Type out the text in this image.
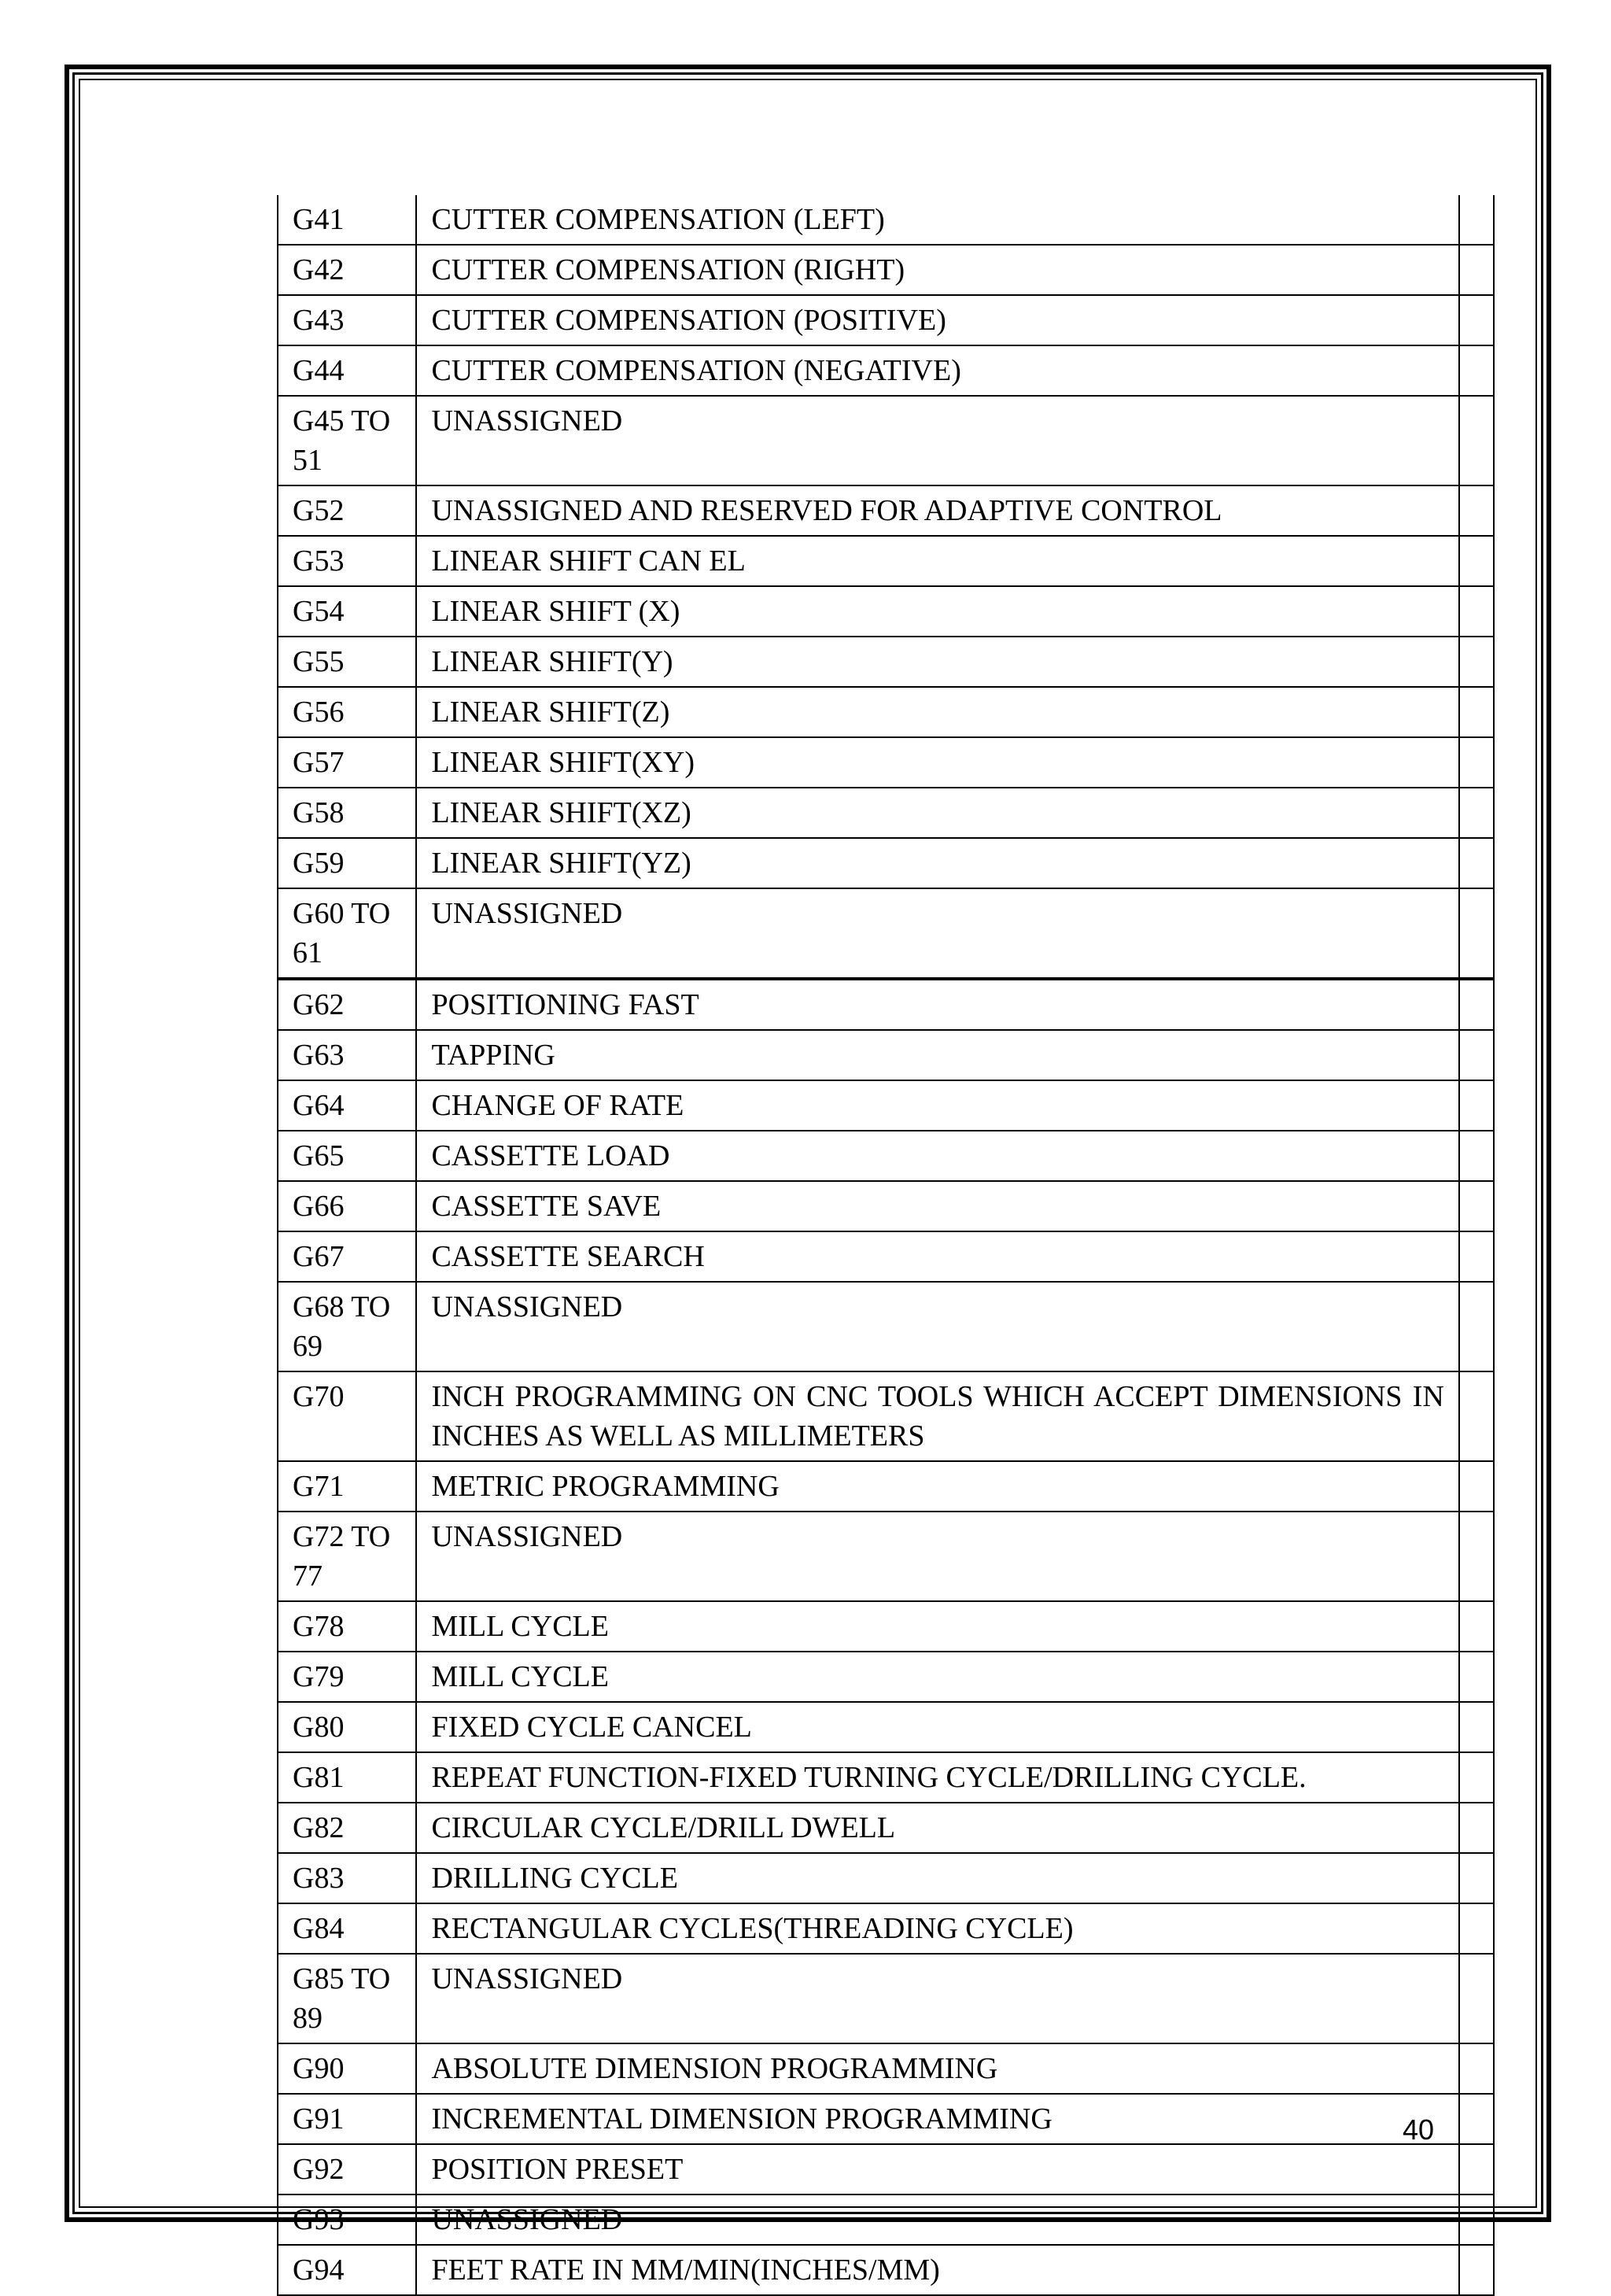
G41	CUTTER COMPENSATION (LEFT)	
G42	CUTTER COMPENSATION (RIGHT)	
G43	CUTTER COMPENSATION (POSITIVE)	
G44	CUTTER COMPENSATION (NEGATIVE)	
G45 TO 51	UNASSIGNED	
G52	UNASSIGNED AND RESERVED FOR ADAPTIVE CONTROL	
G53	LINEAR SHIFT CAN EL	
G54	LINEAR SHIFT (X)	
G55	LINEAR SHIFT(Y)	
G56	LINEAR SHIFT(Z)	
G57	LINEAR SHIFT(XY)	
G58	LINEAR SHIFT(XZ)	
G59	LINEAR SHIFT(YZ)	
G60 TO 61	UNASSIGNED	
G62	POSITIONING FAST	
G63	TAPPING	
G64	CHANGE OF RATE	
G65	CASSETTE LOAD	
G66	CASSETTE SAVE	
G67	CASSETTE SEARCH	
G68 TO 69	UNASSIGNED	
G70	INCH PROGRAMMING ON CNC TOOLS WHICH ACCEPT DIMENSIONS IN INCHES AS WELL AS MILLIMETERS	
G71	METRIC PROGRAMMING	
G72 TO 77	UNASSIGNED	
G78	MILL CYCLE	
G79	MILL CYCLE	
G80	FIXED CYCLE CANCEL	
G81	REPEAT FUNCTION-FIXED TURNING CYCLE/DRILLING CYCLE.	
G82	CIRCULAR CYCLE/DRILL DWELL	
G83	DRILLING CYCLE	
G84	RECTANGULAR CYCLES(THREADING CYCLE)	
G85 TO 89	UNASSIGNED	
G90	ABSOLUTE DIMENSION PROGRAMMING	
G91	INCREMENTAL DIMENSION PROGRAMMING	
G92	POSITION PRESET	
G93	UNASSIGNED	
G94	FEET RATE IN MM/MIN(INCHES/MM)	
40
